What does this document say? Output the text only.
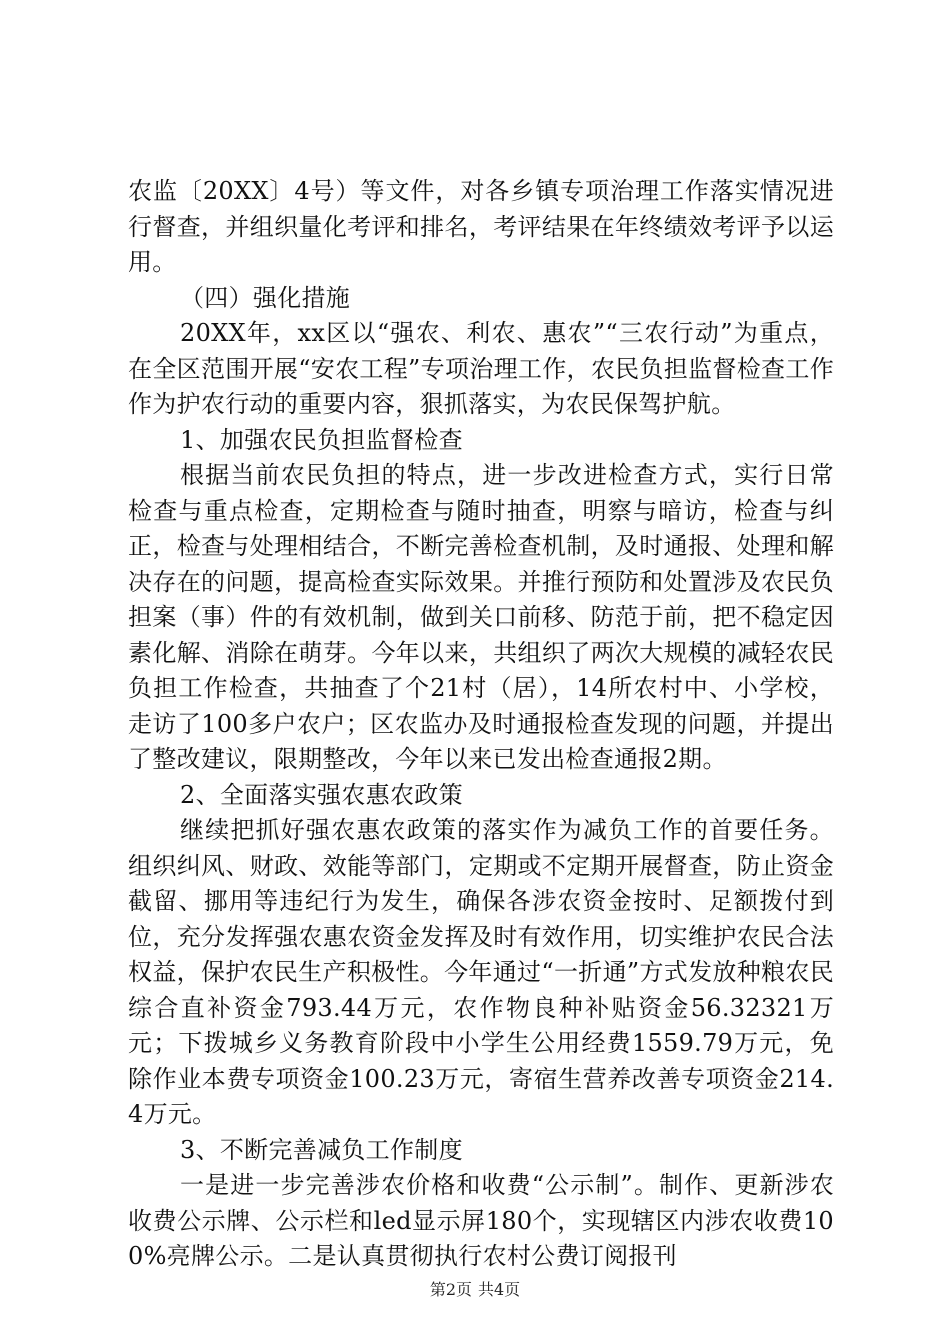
农监〔20XX〕4号）等文件，对各乡镇专项治理工作落实情况进行督查，并组织量化考评和排名，考评结果在年终绩效考评予以运用。

（四）强化措施

20XX年，xx区以“强农、利农、惠农”“三农行动”为重点，在全区范围开展“安农工程”专项治理工作，农民负担监督检查工作作为护农行动的重要内容，狠抓落实，为农民保驾护航。

1、加强农民负担监督检查

根据当前农民负担的特点，进一步改进检查方式，实行日常检查与重点检查，定期检查与随时抽查，明察与暗访，检查与纠正，检查与处理相结合，不断完善检查机制，及时通报、处理和解决存在的问题，提高检查实际效果。并推行预防和处置涉及农民负担案（事）件的有效机制，做到关口前移、防范于前，把不稳定因素化解、消除在萌芽。今年以来，共组织了两次大规模的减轻农民负担工作检查，共抽查了个21村（居），14所农村中、小学校，走访了100多户农户；区农监办及时通报检查发现的问题，并提出了整改建议，限期整改，今年以来已发出检查通报2期。

2、全面落实强农惠农政策

继续把抓好强农惠农政策的落实作为减负工作的首要任务。组织纠风、财政、效能等部门，定期或不定期开展督查，防止资金截留、挪用等违纪行为发生，确保各涉农资金按时、足额拨付到位，充分发挥强农惠农资金发挥及时有效作用，切实维护农民合法权益，保护农民生产积极性。今年通过“一折通”方式发放种粮农民综合直补资金793.44万元，农作物良种补贴资金56.32321万元；下拨城乡义务教育阶段中小学生公用经费1559.79万元，免除作业本费专项资金100.23万元，寄宿生营养改善专项资金214.4万元。

3、不断完善减负工作制度

一是进一步完善涉农价格和收费“公示制”。制作、更新涉农收费公示牌、公示栏和led显示屏180个，实现辖区内涉农收费100%亮牌公示。二是认真贯彻执行农村公费订阅报刊

第2页 共4页
